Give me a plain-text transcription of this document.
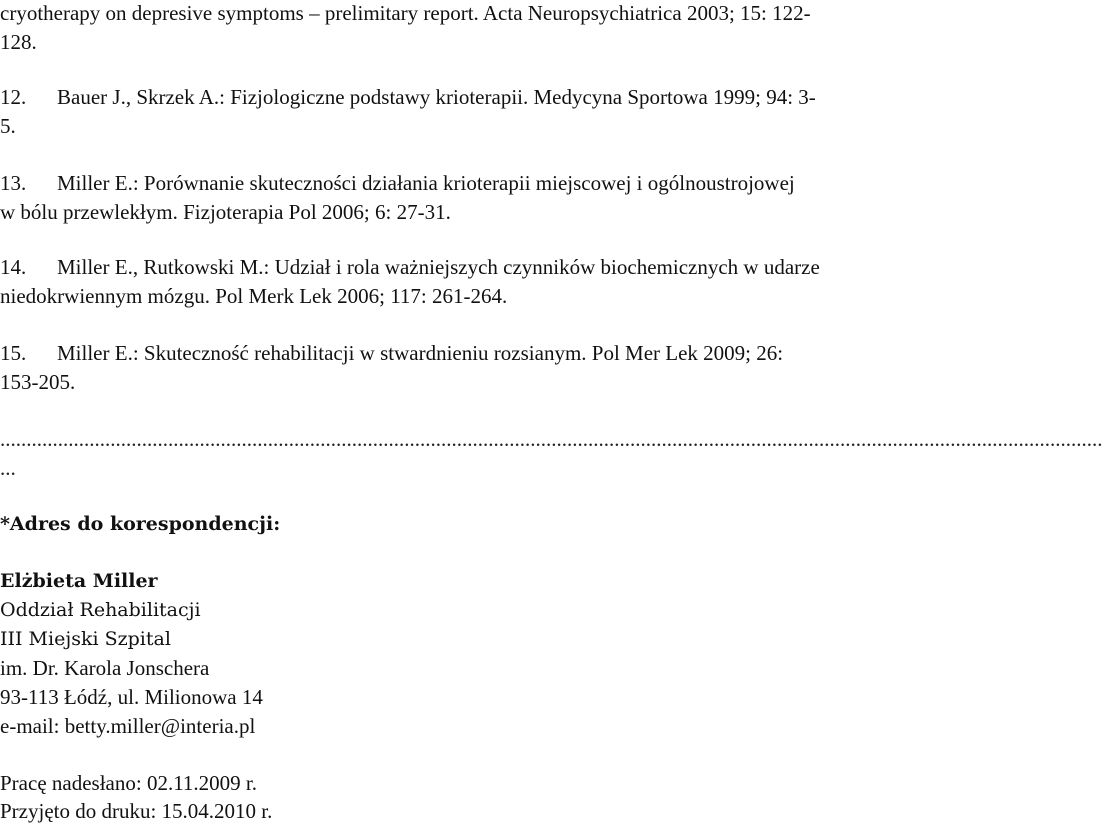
cryotherapy on depresive symptoms – prelimitary report. Acta Neuropsychiatrica 2003; 15: 122-
128.
12. Bauer J., Skrzek A.: Fizjologiczne podstawy krioterapii. Medycyna Sportowa 1999; 94: 3-
5.
13. Miller E.: Porównanie skuteczności działania krioterapii miejscowej i ogólnoustrojowej
w bólu przewlekłym. Fizjoterapia Pol 2006; 6: 27-31.
14. Miller E., Rutkowski M.: Udział i rola ważniejszych czynników biochemicznych w udarze
niedokrwiennym mózgu. Pol Merk Lek 2006; 117: 261-264.
15. Miller E.: Skuteczność rehabilitacji w stwardnieniu rozsianym. Pol Mer Lek 2009; 26:
153-205.
..................................................................................................................................................................................................................
...
*Adres do korespondencji:
Elżbieta Miller
Oddział Rehabilitacji
III Miejski Szpital
im. Dr. Karola Jonschera
93-113 Łódź, ul. Milionowa 14
e-mail: betty.miller@interia.pl
Pracę nadesłano: 02.11.2009 r.
Przyjęto do druku: 15.04.2010 r.
